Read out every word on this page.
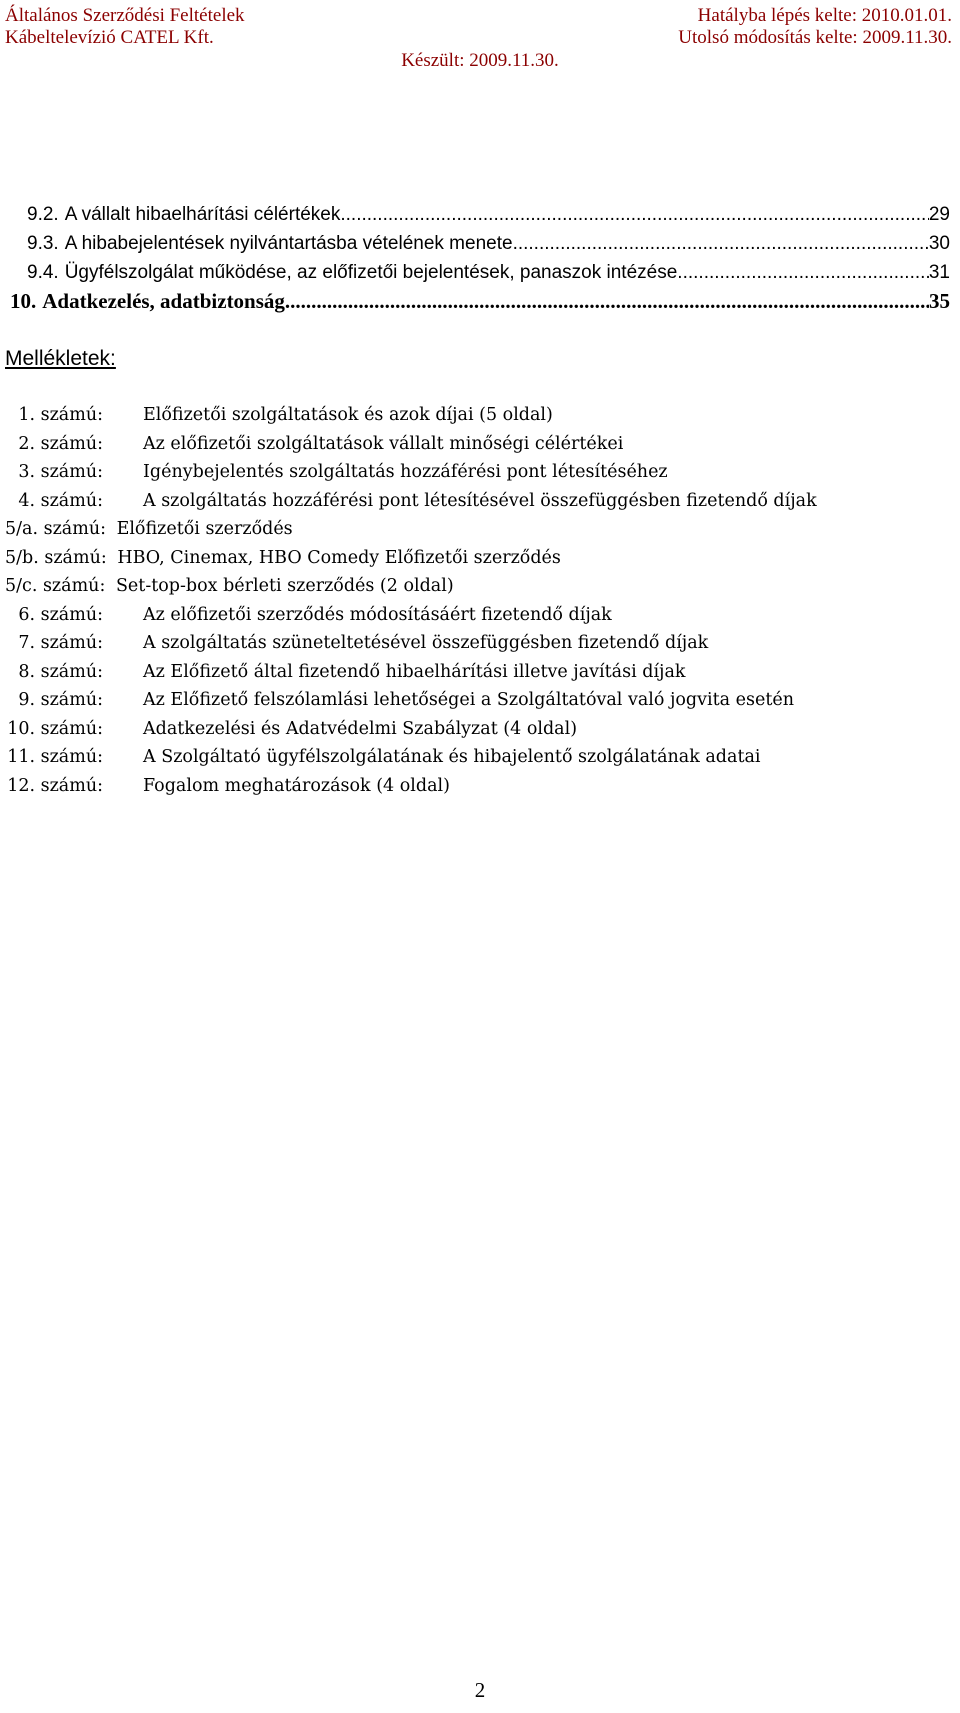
Általános Szerződési Feltételek
Kábeltelevízió CATEL Kft.
Hatályba lépés kelte: 2010.01.01.
Utolsó módosítás kelte: 2009.11.30.
Készült: 2009.11.30.
9.2. A vállalt hibaelhárítási célértékek .....	29
9.3. A hibabejelentések nyilvántartásba vételének menete .....	30
9.4. Ügyfélszolgálat működése, az előfizetői bejelentések, panaszok intézése .....	31
10. Adatkezelés, adatbiztonság .....	35
Mellékletek:
1. számú: Előfizetői szolgáltatások és azok díjai (5 oldal)
2. számú: Az előfizetői szolgáltatások vállalt minőségi célértékei
3. számú: Igénybejelentés szolgáltatás hozzáférési pont létesítéséhez
4. számú: A szolgáltatás hozzáférési pont létesítésével összefüggésben fizetendő díjak
5/a. számú: Előfizetői szerződés
5/b. számú: HBO, Cinemax, HBO Comedy Előfizetői szerződés
5/c. számú: Set-top-box bérleti szerződés (2 oldal)
6. számú: Az előfizetői szerződés módosításáért fizetendő díjak
7. számú: A szolgáltatás szüneteltetésével összefüggésben fizetendő díjak
8. számú: Az Előfizető által fizetendő hibaelhárítási illetve javítási díjak
9. számú: Az Előfizető felszólamlási lehetőségei a Szolgáltatóval való jogvita esetén
10. számú: Adatkezelési és Adatvédelmi Szabályzat (4 oldal)
11. számú: A Szolgáltató ügyfélszolgálatának és hibajelentő szolgálatának adatai
12. számú: Fogalom meghatározások (4 oldal)
2
